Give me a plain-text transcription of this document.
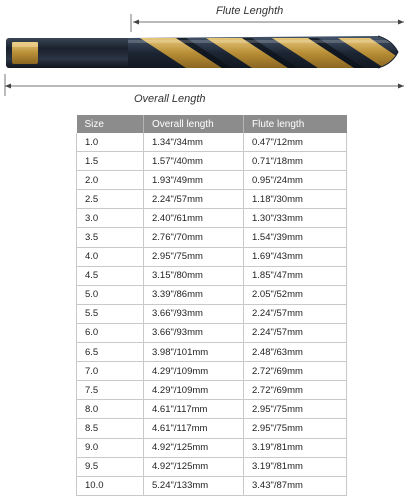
Flute Lenghth
Overall Length
Size	Overall length	Flute length
1.0	1.34"/34mm	0.47"/12mm
1.5	1.57"/40mm	0.71"/18mm
2.0	1.93"/49mm	0.95"/24mm
2.5	2.24"/57mm	1.18"/30mm
3.0	2.40"/61mm	1.30"/33mm
3.5	2.76"/70mm	1.54"/39mm
4.0	2.95"/75mm	1.69"/43mm
4.5	3.15"/80mm	1.85"/47mm
5.0	3.39"/86mm	2.05"/52mm
5.5	3.66"/93mm	2.24"/57mm
6.0	3.66"/93mm	2.24"/57mm
6.5	3.98"/101mm	2.48"/63mm
7.0	4.29"/109mm	2.72"/69mm
7.5	4.29"/109mm	2.72"/69mm
8.0	4.61"/117mm	2.95"/75mm
8.5	4.61"/117mm	2.95"/75mm
9.0	4.92"/125mm	3.19"/81mm
9.5	4.92"/125mm	3.19"/81mm
10.0	5.24"/133mm	3.43"/87mm
